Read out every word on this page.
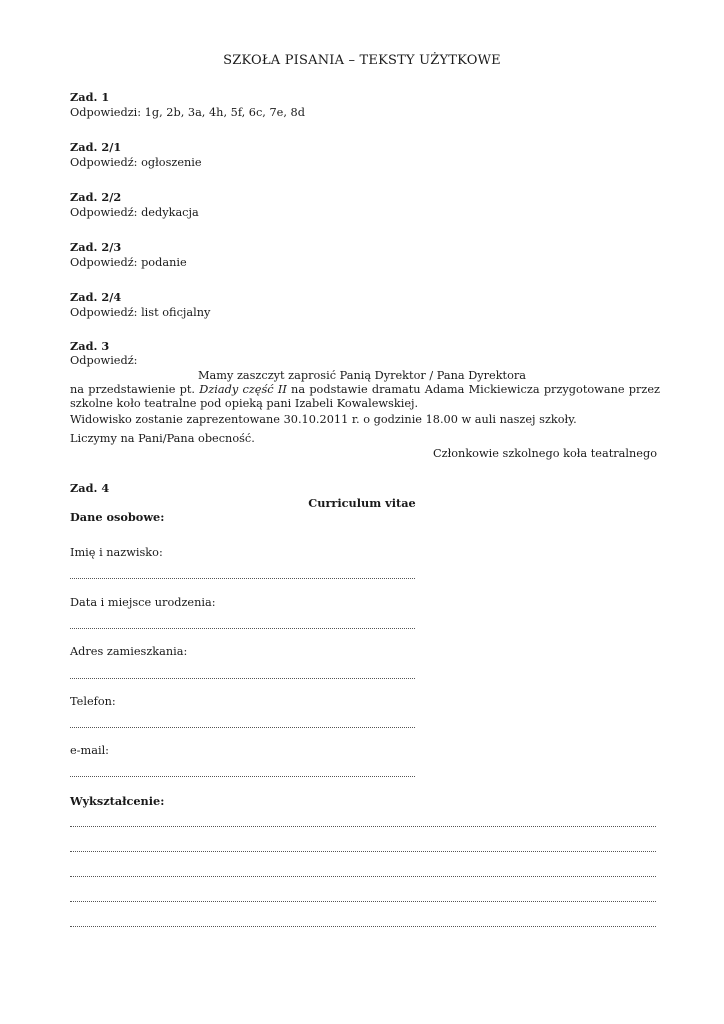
SZKOŁA PISANIA – TEKSTY UŻYTKOWE
Zad. 1
Odpowiedzi: 1g, 2b, 3a, 4h, 5f, 6c, 7e, 8d
Zad. 2/1
Odpowiedź: ogłoszenie
Zad. 2/2
Odpowiedź: dedykacja
Zad. 2/3
Odpowiedź: podanie
Zad. 2/4
Odpowiedź: list oficjalny
Zad. 3
Odpowiedź:
Mamy zaszczyt zaprosić Panią Dyrektor / Pana Dyrektora
na przedstawienie pt. Dziady część II na podstawie dramatu Adama Mickiewicza przygotowane przez szkolne koło teatralne pod opieką pani Izabeli Kowalewskiej.
Widowisko zostanie zaprezentowane 30.10.2011 r. o godzinie 18.00 w auli naszej szkoły.
Liczymy na Pani/Pana obecność.
Członkowie szkolnego koła teatralnego
Zad. 4
Curriculum vitae
Dane osobowe:
Imię i nazwisko:
Data i miejsce urodzenia:
Adres zamieszkania:
Telefon:
e-mail:
Wykształcenie:
